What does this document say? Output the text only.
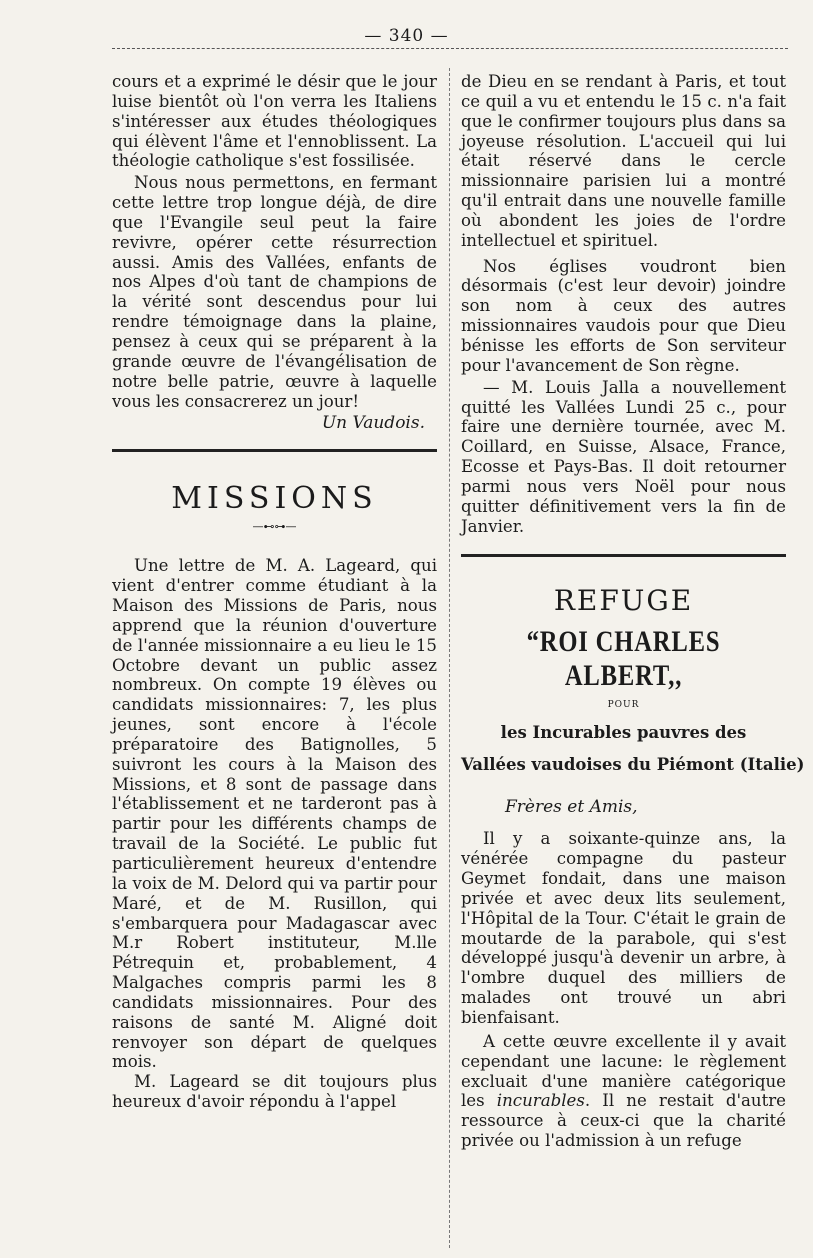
— 340 —

cours et a exprimé le désir que le jour luise bientôt où l'on verra les Italiens s'intéresser aux études théologiques qui élèvent l'âme et l'ennoblissent. La théologie catholique s'est fossilisée.

Nous nous permettons, en fermant cette lettre trop longue déjà, de dire que l'Evangile seul peut la faire revivre, opérer cette résurrection aussi. Amis des Vallées, enfants de nos Alpes d'où tant de champions de la vérité sont descendus pour lui rendre témoignage dans la plaine, pensez à ceux qui se préparent à la grande œuvre de l'évangélisation de notre belle patrie, œuvre à laquelle vous les consacrerez un jour!

Un Vaudois.

MISSIONS

—⊷⊶—

Une lettre de M. A. Lageard, qui vient d'entrer comme étudiant à la Maison des Missions de Paris, nous apprend que la réunion d'ouverture de l'année missionnaire a eu lieu le 15 Octobre devant un public assez nombreux. On compte 19 élèves ou candidats missionnaires: 7, les plus jeunes, sont encore à l'école préparatoire des Batignolles, 5 suivront les cours à la Maison des Missions, et 8 sont de passage dans l'établissement et ne tarderont pas à partir pour les différents champs de travail de la Société. Le public fut particulièrement heureux d'entendre la voix de M. Delord qui va partir pour Maré, et de M. Rusillon, qui s'embarquera pour Madagascar avec M.r Robert instituteur, M.lle Pétrequin et, probablement, 4 Malgaches compris parmi les 8 candidats missionnaires. Pour des raisons de santé M. Aligné doit renvoyer son départ de quelques mois.

M. Lageard se dit toujours plus heureux d'avoir répondu à l'appel

de Dieu en se rendant à Paris, et tout ce quil a vu et entendu le 15 c. n'a fait que le confirmer toujours plus dans sa joyeuse résolution. L'accueil qui lui était réservé dans le cercle missionnaire parisien lui a montré qu'il entrait dans une nouvelle famille où abondent les joies de l'ordre intellectuel et spirituel.

Nos églises voudront bien désormais (c'est leur devoir) joindre son nom à ceux des autres missionnaires vaudois pour que Dieu bénisse les efforts de Son serviteur pour l'avancement de Son règne.

— M. Louis Jalla a nouvellement quitté les Vallées Lundi 25 c., pour faire une dernière tournée, avec M. Coillard, en Suisse, Alsace, France, Ecosse et Pays-Bas. Il doit retourner parmi nous vers Noël pour nous quitter définitivement vers la fin de Janvier.

REFUGE

“ROI CHARLES ALBERT,,

POUR

les Incurables pauvres des

Vallées vaudoises du Piémont (Italie)

Frères et Amis,

Il y a soixante-quinze ans, la vénérée compagne du pasteur Geymet fondait, dans une maison privée et avec deux lits seulement, l'Hôpital de la Tour. C'était le grain de moutarde de la parabole, qui s'est développé jusqu'à devenir un arbre, à l'ombre duquel des milliers de malades ont trouvé un abri bienfaisant.

A cette œuvre excellente il y avait cependant une lacune: le règlement excluait d'une manière catégorique les incurables. Il ne restait d'autre ressource à ceux-ci que la charité privée ou l'admission à un refuge
